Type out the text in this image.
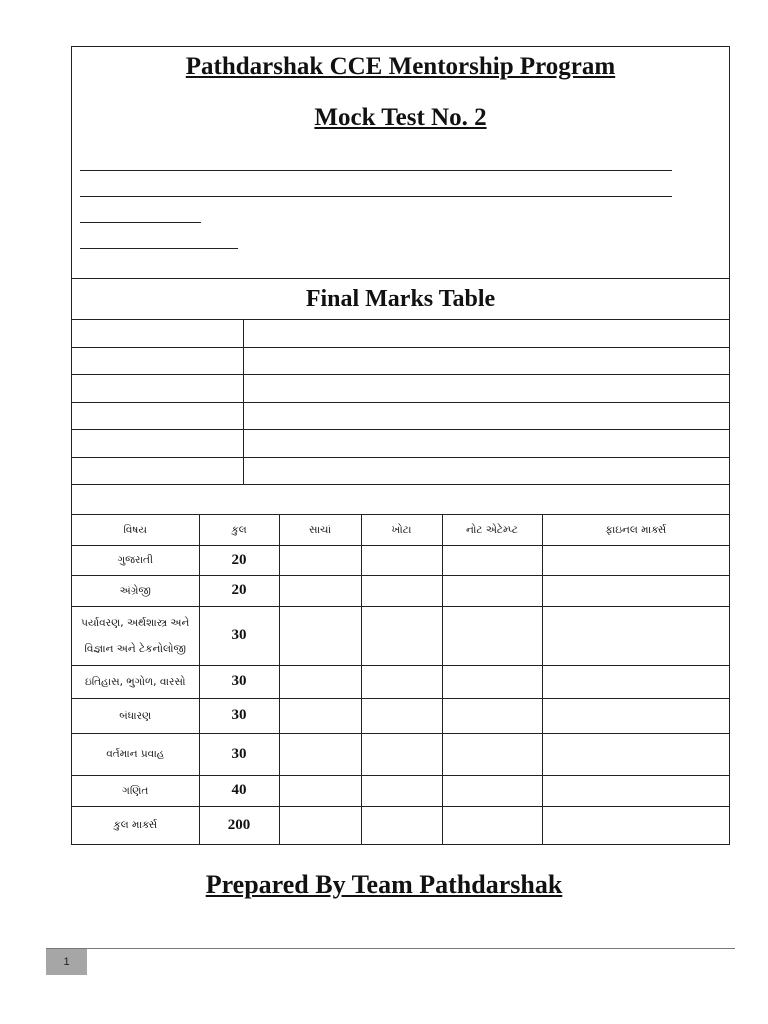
Pathdarshak CCE Mentorship Program
Mock Test No. 2
Final Marks Table
વિષય	કુલ	સાચાં	ખોટા	નોટ એટેમ્પ્ટ	ફાઇનલ માર્ક્સ
ગુજરાતી	20				
અંગ્રેજી	20				
પર્યાવરણ, અર્થશાસ્ત્ર અને વિજ્ઞાન અને ટેકનોલોજી	30				
ઇતિહાસ, ભુગોળ, વારસો	30				
બંધારણ	30				
વર્તમાન પ્રવાહ	30				
ગણિત	40				
કુલ માર્ક્સ	200				
Prepared By Team Pathdarshak
1
